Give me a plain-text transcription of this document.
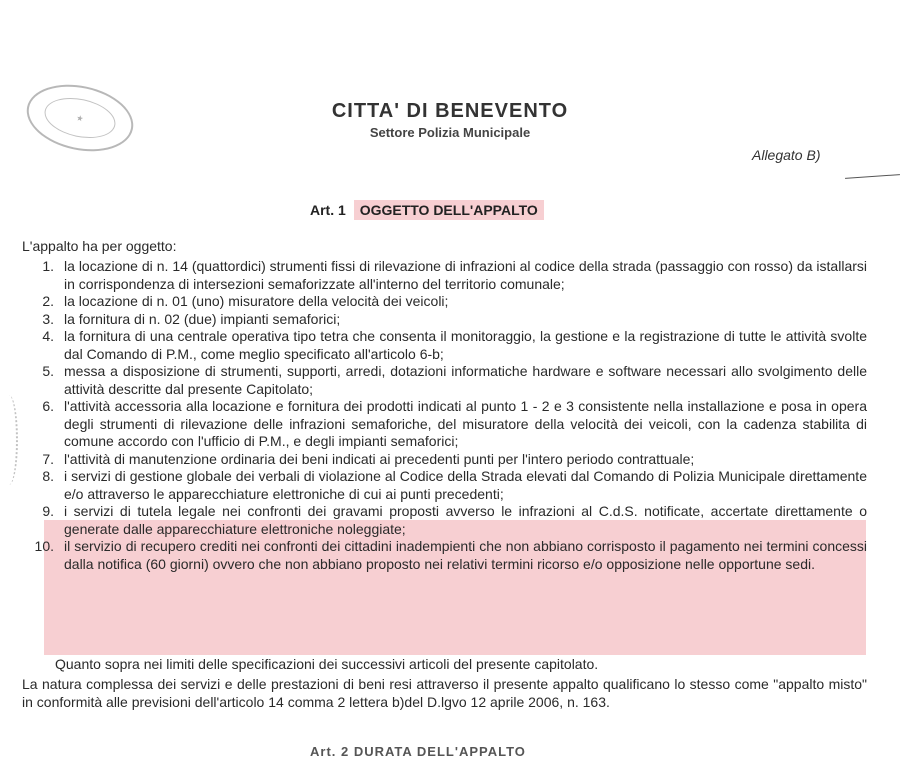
★	CITTA' DI BENEVENTO
Settore Polizia Municipale
Allegato B)
Art. 1 OGGETTO DELL'APPALTO
L'appalto ha per oggetto:
1. la locazione di n. 14 (quattordici) strumenti fissi di rilevazione di infrazioni al codice della strada (passaggio con rosso) da istallarsi in corrispondenza di intersezioni semaforizzate all'interno del territorio comunale;
2. la locazione di n. 01 (uno) misuratore della velocità dei veicoli;
3. la fornitura di n. 02 (due) impianti semaforici;
4. la fornitura di una centrale operativa tipo tetra che consenta il monitoraggio, la gestione e la registrazione di tutte le attività svolte dal Comando di P.M., come meglio specificato all'articolo 6-b;
5. messa a disposizione di strumenti, supporti, arredi, dotazioni informatiche hardware e software necessari allo svolgimento delle attività descritte dal presente Capitolato;
6. l'attività accessoria alla locazione e fornitura dei prodotti indicati al punto 1 - 2 e 3 consistente nella installazione e posa in opera degli strumenti di rilevazione delle infrazioni semaforiche, del misuratore della velocità dei veicoli, con la cadenza stabilita di comune accordo con l'ufficio di P.M., e degli impianti semaforici;
7. l'attività di manutenzione ordinaria dei beni indicati ai precedenti punti per l'intero periodo contrattuale;
8. i servizi di gestione globale dei verbali di violazione al Codice della Strada elevati dal Comando di Polizia Municipale direttamente e/o attraverso le apparecchiature elettroniche di cui ai punti precedenti;
9. i servizi di tutela legale nei confronti dei gravami proposti avverso le infrazioni al C.d.S. notificate, accertate direttamente o generate dalle apparecchiature elettroniche noleggiate;
10. il servizio di recupero crediti nei confronti dei cittadini inadempienti che non abbiano corrisposto il pagamento nei termini concessi dalla notifica (60 giorni) ovvero che non abbiano proposto nei relativi termini ricorso e/o opposizione nelle opportune sedi.
Quanto sopra nei limiti delle specificazioni dei successivi articoli del presente capitolato.
La natura complessa dei servizi e delle prestazioni di beni resi attraverso il presente appalto qualificano lo stesso come "appalto misto" in conformità alle previsioni dell'articolo 14 comma 2 lettera b)del D.lgvo 12 aprile 2006, n. 163.
Art. 2 DURATA DELL'APPALTO
